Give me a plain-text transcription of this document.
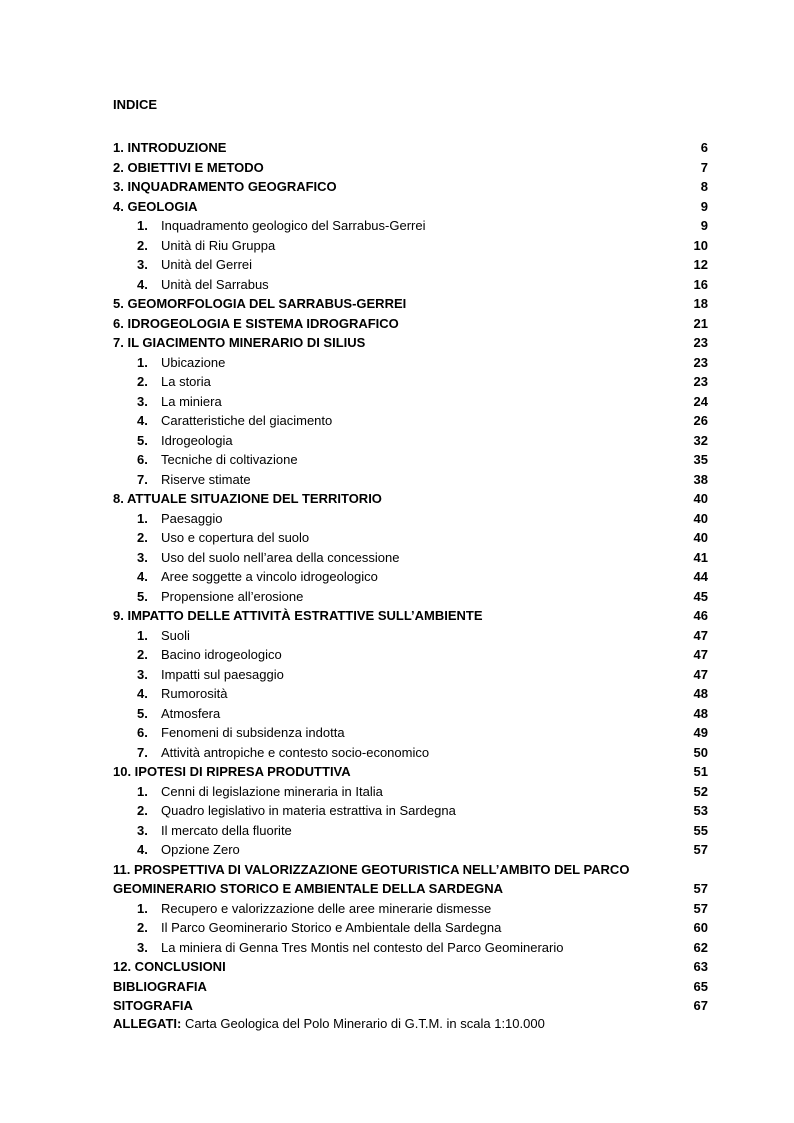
INDICE
1. INTRODUZIONE	6
2. OBIETTIVI E METODO	7
3. INQUADRAMENTO GEOGRAFICO	8
4. GEOLOGIA	9
1. Inquadramento geologico del Sarrabus-Gerrei	9
2. Unità di Riu Gruppa	10
3. Unità del Gerrei	12
4. Unità del Sarrabus	16
5. GEOMORFOLOGIA DEL SARRABUS-GERREI	18
6. IDROGEOLOGIA E SISTEMA IDROGRAFICO	21
7. IL GIACIMENTO MINERARIO DI SILIUS	23
1. Ubicazione	23
2. La storia	23
3. La miniera	24
4. Caratteristiche del giacimento	26
5. Idrogeologia	32
6. Tecniche di coltivazione	35
7. Riserve stimate	38
8. ATTUALE SITUAZIONE DEL TERRITORIO	40
1. Paesaggio	40
2. Uso e copertura del suolo	40
3. Uso del suolo nell’area della concessione	41
4. Aree soggette a vincolo idrogeologico	44
5. Propensione all’erosione	45
9. IMPATTO DELLE ATTIVITÀ ESTRATTIVE SULL’AMBIENTE	46
1. Suoli	47
2. Bacino idrogeologico	47
3. Impatti sul paesaggio	47
4. Rumorosità	48
5. Atmosfera	48
6. Fenomeni di subsidenza indotta	49
7. Attività antropiche e contesto socio-economico	50
10. IPOTESI DI RIPRESA PRODUTTIVA	51
1. Cenni di legislazione mineraria in Italia	52
2. Quadro legislativo in materia estrattiva in Sardegna	53
3. Il mercato della fluorite	55
4. Opzione Zero	57
11. PROSPETTIVA DI VALORIZZAZIONE GEOTURISTICA NELL’AMBITO DEL PARCO
GEOMINERARIO STORICO E AMBIENTALE DELLA SARDEGNA	57
1. Recupero e valorizzazione delle aree minerarie dismesse	57
2. Il Parco Geominerario Storico e Ambientale della Sardegna	60
3. La miniera di Genna Tres Montis nel contesto del Parco Geominerario	62
12. CONCLUSIONI	63
BIBLIOGRAFIA	65
SITOGRAFIA	67
ALLEGATI: Carta Geologica del Polo Minerario di G.T.M. in scala 1:10.000
